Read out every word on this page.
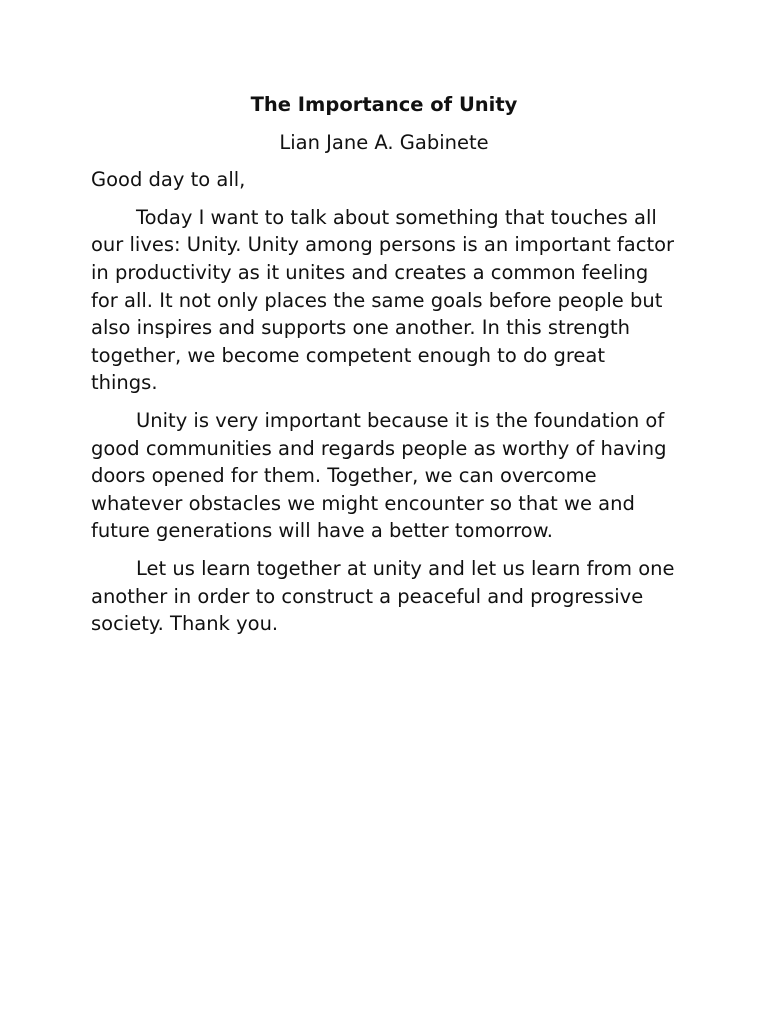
The Importance of Unity

Lian Jane A. Gabinete

Good day to all,

Today I want to talk about something that touches all our lives: Unity. Unity among persons is an important factor in productivity as it unites and creates a common feeling for all. It not only places the same goals before people but also inspires and supports one another. In this strength together, we become competent enough to do great things.

Unity is very important because it is the foundation of good communities and regards people as worthy of having doors opened for them. Together, we can overcome whatever obstacles we might encounter so that we and future generations will have a better tomorrow.

Let us learn together at unity and let us learn from one another in order to construct a peaceful and progressive society. Thank you.
